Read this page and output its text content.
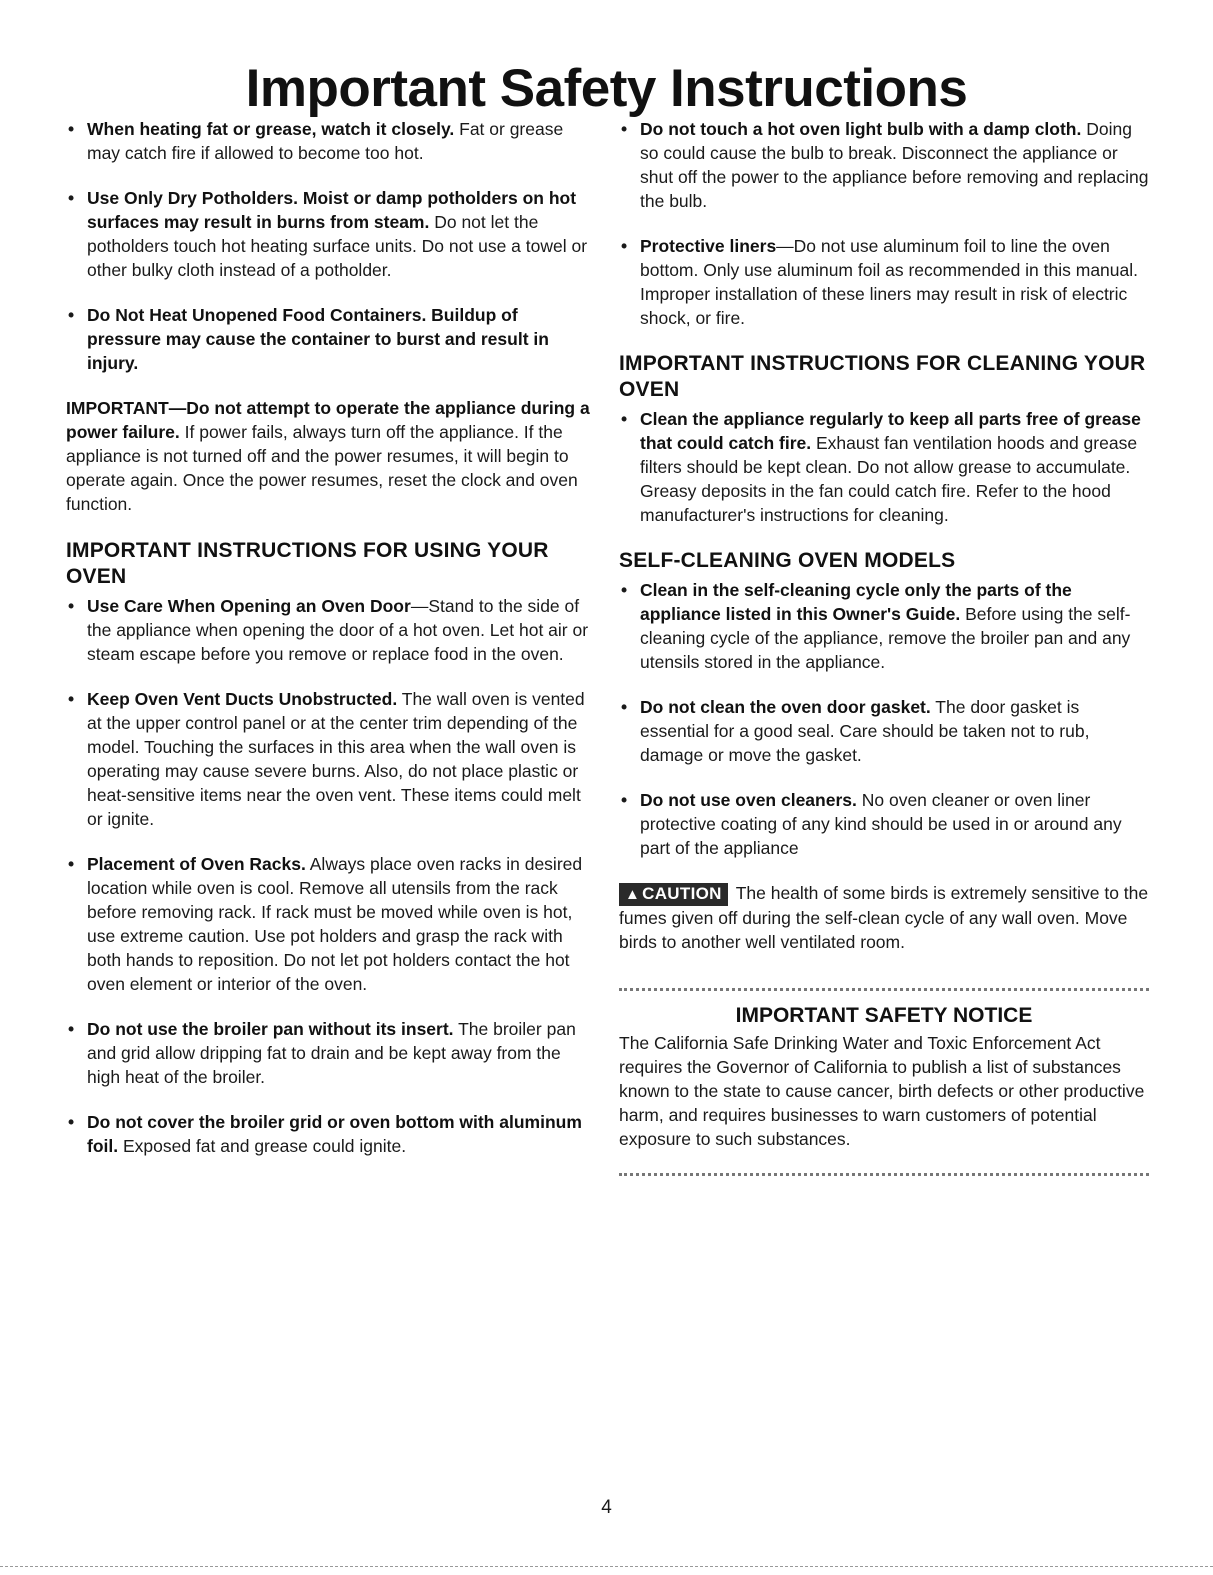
Important Safety Instructions
• When heating fat or grease, watch it closely. Fat or grease may catch fire if allowed to become too hot.
• Use Only Dry Potholders. Moist or damp potholders on hot surfaces may result in burns from steam. Do not let the potholders touch hot heating surface units. Do not use a towel or other bulky cloth instead of a potholder.
• Do Not Heat Unopened Food Containers. Buildup of pressure may cause the container to burst and result in injury.
IMPORTANT—Do not attempt to operate the appliance during a power failure. If power fails, always turn off the appliance. If the appliance is not turned off and the power resumes, it will begin to operate again. Once the power resumes, reset the clock and oven function.
IMPORTANT INSTRUCTIONS FOR USING YOUR OVEN
• Use Care When Opening an Oven Door—Stand to the side of the appliance when opening the door of a hot oven. Let hot air or steam escape before you remove or replace food in the oven.
• Keep Oven Vent Ducts Unobstructed. The wall oven is vented at the upper control panel or at the center trim depending of the model. Touching the surfaces in this area when the wall oven is operating may cause severe burns. Also, do not place plastic or heat-sensitive items near the oven vent. These items could melt or ignite.
• Placement of Oven Racks. Always place oven racks in desired location while oven is cool. Remove all utensils from the rack before removing rack. If rack must be moved while oven is hot, use extreme caution. Use pot holders and grasp the rack with both hands to reposition. Do not let pot holders contact the hot oven element or interior of the oven.
• Do not use the broiler pan without its insert. The broiler pan and grid allow dripping fat to drain and be kept away from the high heat of the broiler.
• Do not cover the broiler grid or oven bottom with aluminum foil. Exposed fat and grease could ignite.
• Do not touch a hot oven light bulb with a damp cloth. Doing so could cause the bulb to break. Disconnect the appliance or shut off the power to the appliance before removing and replacing the bulb.
• Protective liners—Do not use aluminum foil to line the oven bottom. Only use aluminum foil as recommended in this manual. Improper installation of these liners may result in risk of electric shock, or fire.
IMPORTANT INSTRUCTIONS FOR CLEANING YOUR OVEN
• Clean the appliance regularly to keep all parts free of grease that could catch fire. Exhaust fan ventilation hoods and grease filters should be kept clean. Do not allow grease to accumulate. Greasy deposits in the fan could catch fire. Refer to the hood manufacturer's instructions for cleaning.
SELF-CLEANING OVEN MODELS
• Clean in the self-cleaning cycle only the parts of the appliance listed in this Owner's Guide. Before using the self-cleaning cycle of the appliance, remove the broiler pan and any utensils stored in the appliance.
• Do not clean the oven door gasket. The door gasket is essential for a good seal. Care should be taken not to rub, damage or move the gasket.
• Do not use oven cleaners. No oven cleaner or oven liner protective coating of any kind should be used in or around any part of the appliance
▲ CAUTION The health of some birds is extremely sensitive to the fumes given off during the self-clean cycle of any wall oven. Move birds to another well ventilated room.
IMPORTANT SAFETY NOTICE
The California Safe Drinking Water and Toxic Enforcement Act requires the Governor of California to publish a list of substances known to the state to cause cancer, birth defects or other productive harm, and requires businesses to warn customers of potential exposure to such substances.
4
